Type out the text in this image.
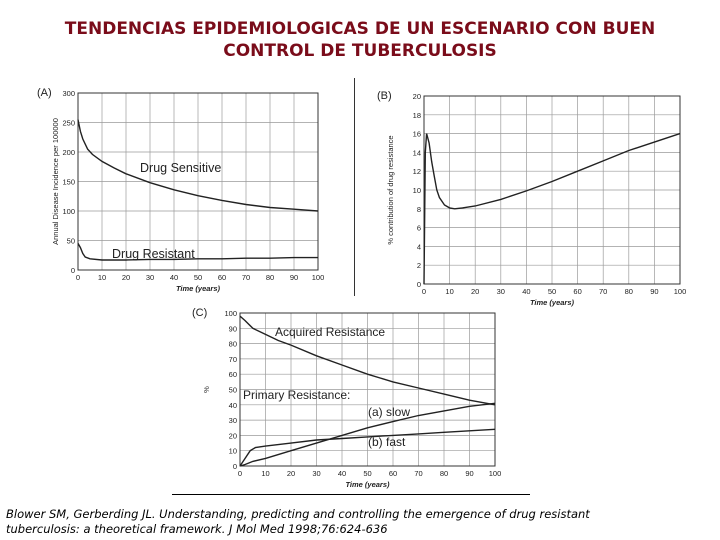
TENDENCIAS EPIDEMIOLOGICAS DE UN ESCENARIO CON BUEN
CONTROL DE TUBERCULOSIS
0 10 20 30 40 50 60 70 80 90 100
0
50
100
150
200
250
300
Time (years)
Annual Disease Incidence per 100000
(A)
Drug Sensitive
Drug Resistant
0	10 20 30 40 50 60 70 80 90 100
0
2
4
6
8
10
12
14
16
18
20
Time (years)
% contribution of drug resistance
(B)
0	10 20 30 40 50 60 70 80 90 100
0
10
20
30
40
50
60
70
80
90
100
Time (years)
%
(C)
Acquired Resistance
(a) slow
(b) fast
Primary Resistance:
Blower SM, Gerberding JL. Understanding, predicting and controlling the emergence of drug resistant
tuberculosis: a theoretical framework. J Mol Med 1998;76:624-636
